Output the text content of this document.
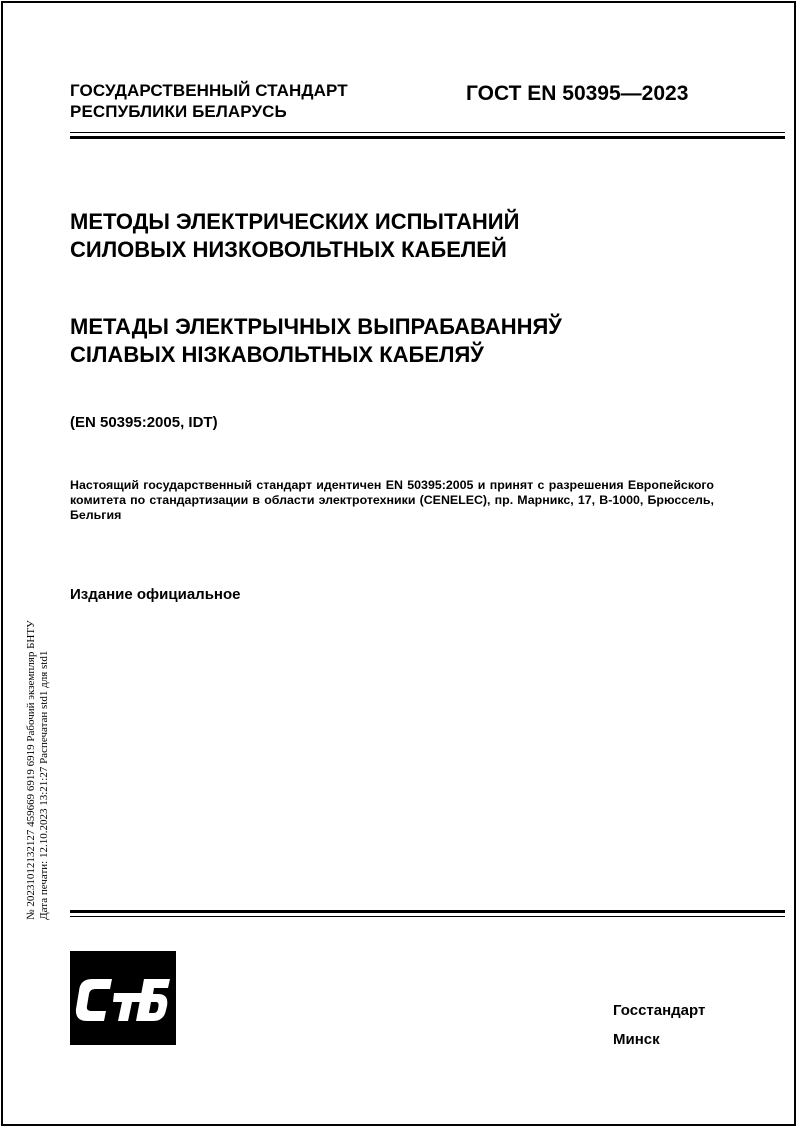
ГОСУДАРСТВЕННЫЙ СТАНДАРТ
РЕСПУБЛИКИ БЕЛАРУСЬ
ГОСТ EN 50395—2023
МЕТОДЫ ЭЛЕКТРИЧЕСКИХ ИСПЫТАНИЙ
СИЛОВЫХ НИЗКОВОЛЬТНЫХ КАБЕЛЕЙ
МЕТАДЫ ЭЛЕКТРЫЧНЫХ ВЫПРАБАВАННЯЎ
СІЛАВЫХ НІЗКАВОЛЬТНЫХ КАБЕЛЯЎ
(EN 50395:2005, IDT)
Настоящий государственный стандарт идентичен EN 50395:2005 и принят с разрешения Европейского комитета по стандартизации в области электротехники (CENELEC), пр. Марникс, 17, B-1000, Брюссель, Бельгия
Издание официальное
№ 20231012132127 459669 6919 6919 Рабочий экземпляр БНТУ Дата печати: 12.10.2023 13:21:27 Распечатан std1 для std1
Госстандарт
Минск
